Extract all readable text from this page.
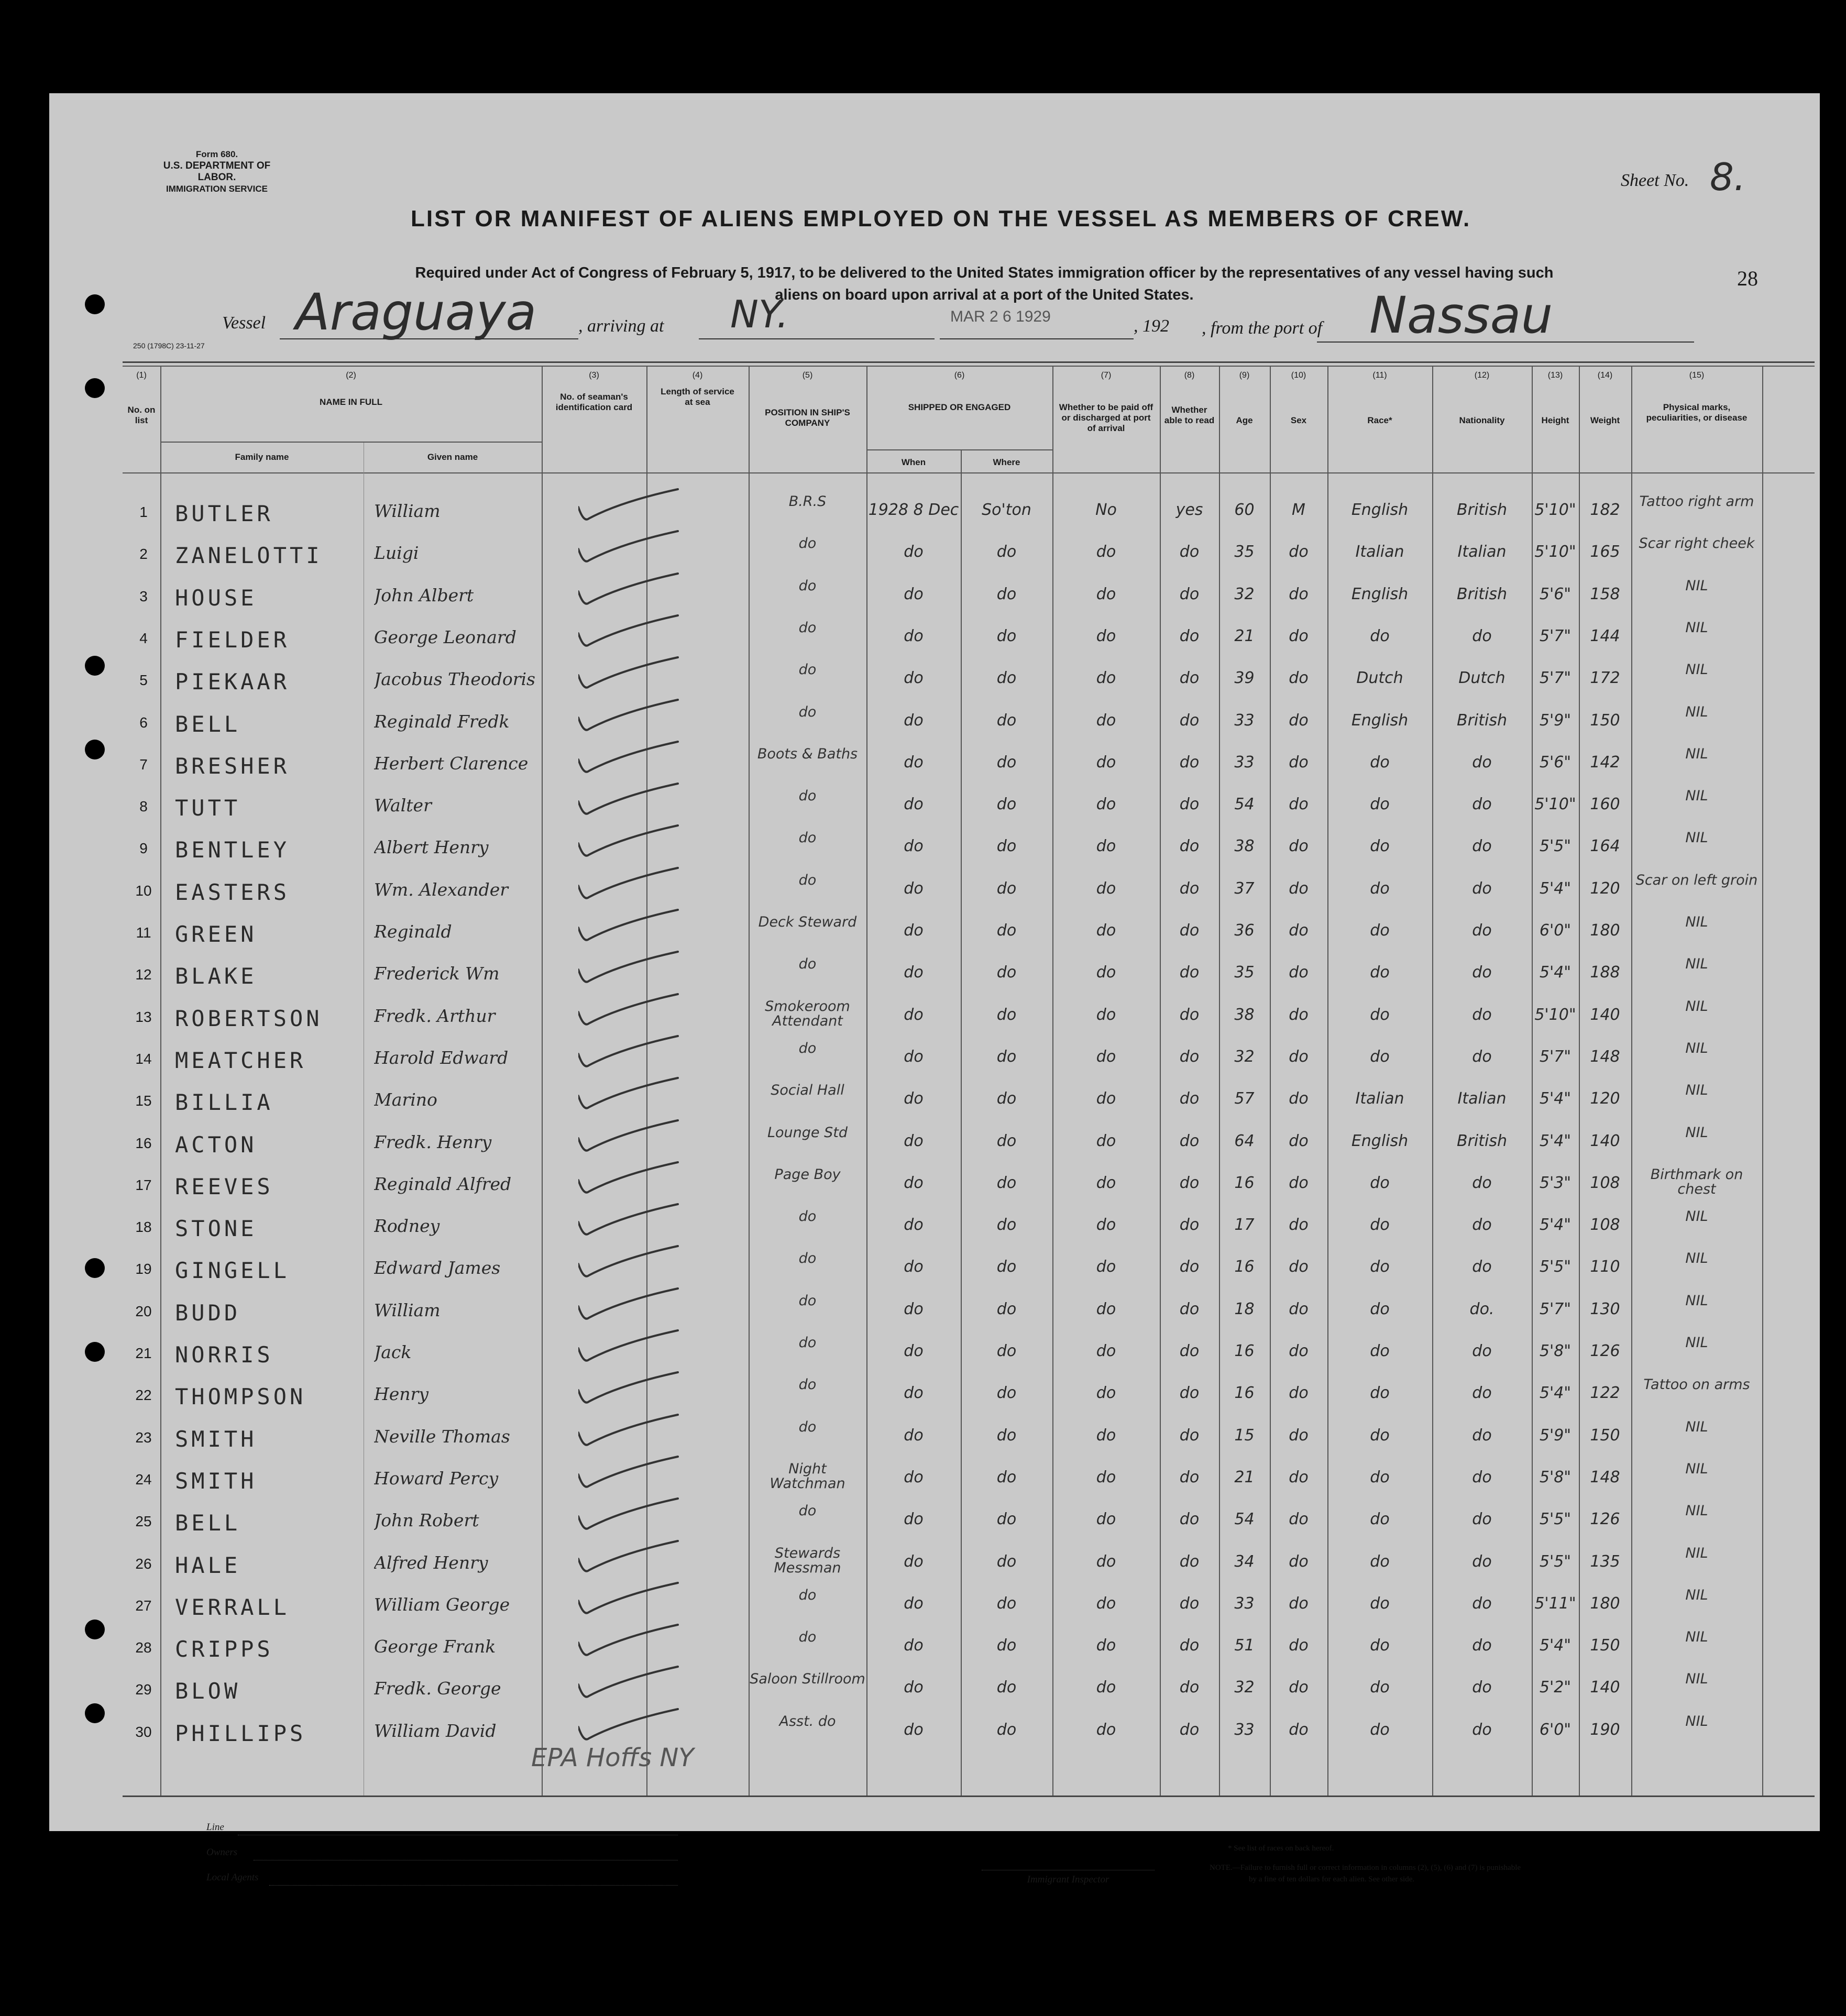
Form 680.
U.S. DEPARTMENT OF LABOR.
IMMIGRATION SERVICE	Sheet No. 8.
LIST OR MANIFEST OF ALIENS EMPLOYED ON THE VESSEL AS MEMBERS OF CREW.
Required under Act of Congress of February 5, 1917, to be delivered to the United States immigration officer by the representatives of any vessel having such
aliens on board upon arrival at a port of the United States.
28
Vessel Araguaya , arriving at NY.	MAR 2 6 1929	, 192 , from the port of Nassau
250 (1798C) 23-11-27
(1)	(2)	(3)	(4)	(5)	(6)	(7)	(8)	(9)	(10)	(11)	(12)	(13)	(14)	(15)
No. on list
NAME IN FULL
Family name	Given name
No. of seaman's identification card
Length of service at sea
POSITION IN SHIP'S COMPANY
SHIPPED OR ENGAGED
When	Where
Whether to be paid off or discharged at port of arrival
Whether able to read	Age	Sex	Race*	Nationality	Height	Weight
Physical marks, peculiarities, or disease
1	BUTLER	William	B.R.S	1928 8 Dec	So'ton	No	yes	60	M	English	British	5'10" 182	Tattoo right arm
2	ZANELOTTI	Luigi	do	do	do	do	do	35	do	Italian	Italian	5'10" 165	Scar right cheek
3	HOUSE	John Albert	do	do	do	do	do	32	do	English	British	5'6"	158	NIL
4	FIELDER	George Leonard	do	do	do	do	do	21	do	do	do	5'7"	144	NIL
5	PIEKAAR	Jacobus Theodoris	do	do	do	do	do	39	do	Dutch	Dutch	5'7"	172	NIL
6	BELL	Reginald Fredk	do	do	do	do	do	33	do	English	British	5'9"	150	NIL
7	BRESHER	Herbert Clarence	Boots & Baths	do	do	do	do	33	do	do	do	5'6"	142	NIL
8	TUTT	Walter	do	do	do	do	do	54	do	do	do	5'10" 160	NIL
9	BENTLEY	Albert Henry	do	do	do	do	do	38	do	do	do	5'5"	164	NIL
10	EASTERS	Wm. Alexander	do	do	do	do	do	37	do	do	do	5'4"	120	Scar on left groin
11	GREEN	Reginald	Deck Steward	do	do	do	do	36	do	do	do	6'0"	180	NIL
12	BLAKE	Frederick Wm	do	do	do	do	do	35	do	do	do	5'4"	188	NIL
13	ROBERTSON	Fredk. Arthur	Smokeroom Attendant	do	do	do	do	38	do	do	do	5'10" 140	NIL
14	MEATCHER	Harold Edward	do	do	do	do	do	32	do	do	do	5'7"	148	NIL
15	BILLIA	Marino	Social Hall	do	do	do	do	57	do	Italian	Italian	5'4"	120	NIL
16	ACTON	Fredk. Henry	Lounge Std	do	do	do	do	64	do	English	British	5'4"	140	NIL
17	REEVES	Reginald Alfred	Page Boy	do	do	do	do	16	do	do	do	5'3"	108	Birthmark on chest
18	STONE	Rodney	do	do	do	do	do	17	do	do	do	5'4"	108	NIL
19	GINGELL	Edward James	do	do	do	do	do	16	do	do	do	5'5"	110	NIL
20	BUDD	William	do	do	do	do	do	18	do	do	do.	5'7"	130	NIL
21	NORRIS	Jack	do	do	do	do	do	16	do	do	do	5'8"	126	NIL
22	THOMPSON	Henry	do	do	do	do	do	16	do	do	do	5'4"	122	Tattoo on arms
23	SMITH	Neville Thomas	do	do	do	do	do	15	do	do	do	5'9"	150	NIL
24	SMITH	Howard Percy	Night Watchman	do	do	do	do	21	do	do	do	5'8"	148	NIL
25	BELL	John Robert	do	do	do	do	do	54	do	do	do	5'5"	126	NIL
26	HALE	Alfred Henry	Stewards Messman	do	do	do	do	34	do	do	do	5'5"	135	NIL
27	VERRALL	William George	do	do	do	do	do	33	do	do	do	5'11" 180	NIL
28	CRIPPS	George Frank	do	do	do	do	do	51	do	do	do	5'4"	150	NIL
29	BLOW	Fredk. George	Saloon Stillroom	do	do	do	do	32	do	do	do	5'2"	140	NIL
30	PHILLIPS	William David	Asst. do	do	do	do	do	33	do	do	do	6'0"	190	NIL
EPA Hoffs NY
Line
Owners
Local Agents	Immigrant Inspector
* See list of races on back hereof.
NOTE.—Failure to furnish full or correct information in columns (2), (5), (6) and (7) is punishable
by a fine of ten dollars for each alien. See other side.
